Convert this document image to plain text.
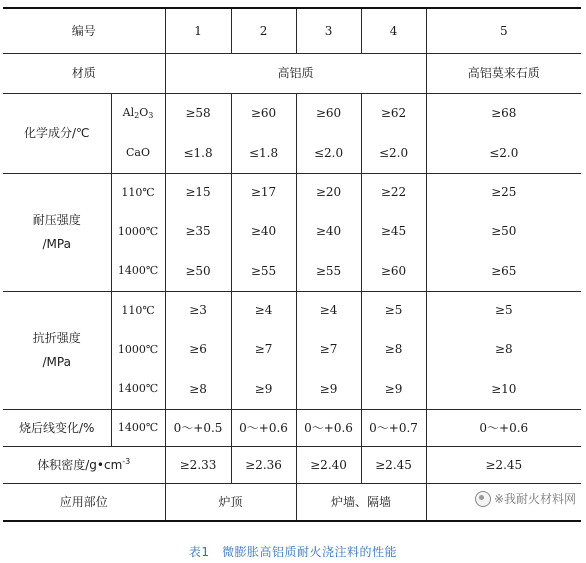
编号		1	2	3	4	5
材质		高铝质				高铝莫来石质
化学成分/℃	$Al_2O_3$	≥58	≥60	≥60	≥62	≥68
	CaO	≤1.8	≤1.8	≤2.0	≤2.0	≤2.0

耐压强度
/MPa	110℃	≥15	≥17	≥20	≥22	≥25
	1000℃	≥35	≥40	≥40	≥45	≥50
	1400℃	≥50	≥55	≥55	≥60	≥65

抗折强度
/MPa	110℃	≥3	≥4	≥4	≥5	≥5
	1000℃	≥6	≥7	≥7	≥8	≥8
	1400℃	≥8	≥9	≥9	≥9	≥10
烧后线变化/%	1400℃	0～+0.5	0～+0.6	0～+0.6	0～+0.7	0～+0.6
体积密度$/g•cm^{-3}$		≥2.33	≥2.36	≥2.40	≥2.45	≥2.45
应用部位		炉顶		炉墙、隔墙			※我耐火材料网
表1　微膨胀高铝质耐火浇注料的性能
